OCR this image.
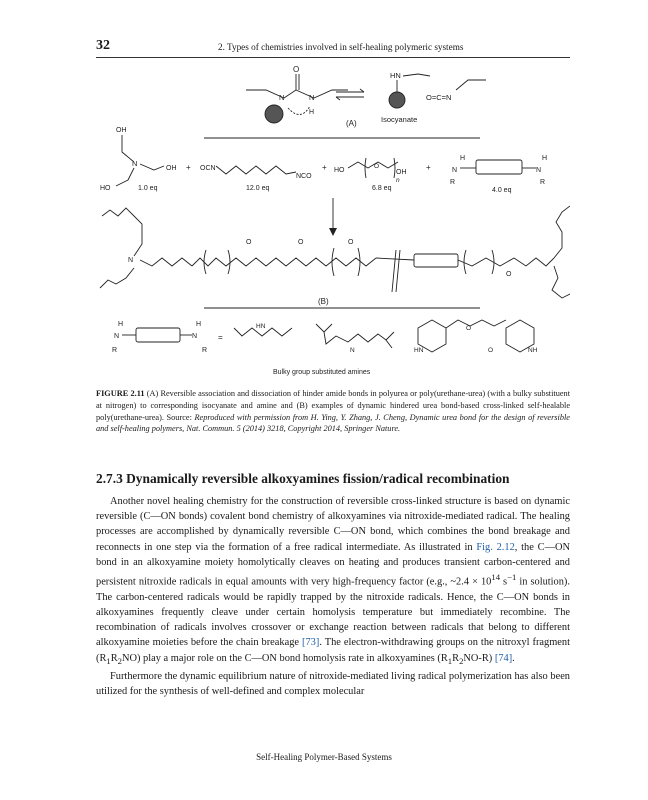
32	2. Types of chemistries involved in self-healing polymeric systems
O
N	N
H
HN
O=C=N
(A)	Isocyanate
OH
N
OH
HO	1.0 eq
+ OCN
NCO
12.0 eq
+ HO
O
OH
n
6.8 eq
+
H
N
R
N
H
R
4.0 eq
N
O	O	O
O
(B)
H
N
R
N
H
R
=
HN
N	HN	NH
O
O
Bulky group substituted amines
FIGURE 2.11 (A) Reversible association and dissociation of hinder amide bonds in polyurea or poly(urethane-urea) (with a bulky substituent at nitrogen) to corresponding isocyanate and amine and (B) examples of dynamic hindered urea bond-based cross-linked self-healable poly(urethane-urea). Source: Reproduced with permission from H. Ying, Y. Zhang, J. Cheng, Dynamic urea bond for the design of reversible and self-healing polymers, Nat. Commun. 5 (2014) 3218, Copyright 2014, Springer Nature.
2.7.3 Dynamically reversible alkoxyamines fission/radical recombination

Another novel healing chemistry for the construction of reversible cross-linked structure is based on dynamic reversible (C—ON bonds) covalent bond chemistry of alkoxyamines via nitroxide-mediated radical. The healing processes are accomplished by dynamically reversible C—ON bond, which combines the bond breakage and reconnects in one step via the formation of a free radical intermediate. As illustrated in Fig. 2.12, the C—ON bond in an alkoxyamine moiety homolytically cleaves on heating and produces transient carbon-centered and persistent nitroxide radicals in equal amounts with very high-frequency factor (e.g., ~2.4 × $10^{14}$ $s^{-1}$ in solution). The carbon-centered radicals would be rapidly trapped by the nitroxide radicals. Hence, the C—ON bonds in alkoxyamines frequently cleave under certain homolysis temperature but immediately recombine. The recombination of radicals involves crossover or exchange reaction between radicals that belong to different alkoxyamine moieties before the chain breakage [73]. The electron-withdrawing groups on the nitroxyl fragment $(R_1R_2NO)$ play a major role on the C—ON bond homolysis rate in alkoxyamines $(R_1R_2NO-R)$ [74].

Furthermore the dynamic equilibrium nature of nitroxide-mediated living radical polymerization has also been utilized for the synthesis of well-defined and complex molecular

Self-Healing Polymer-Based Systems
